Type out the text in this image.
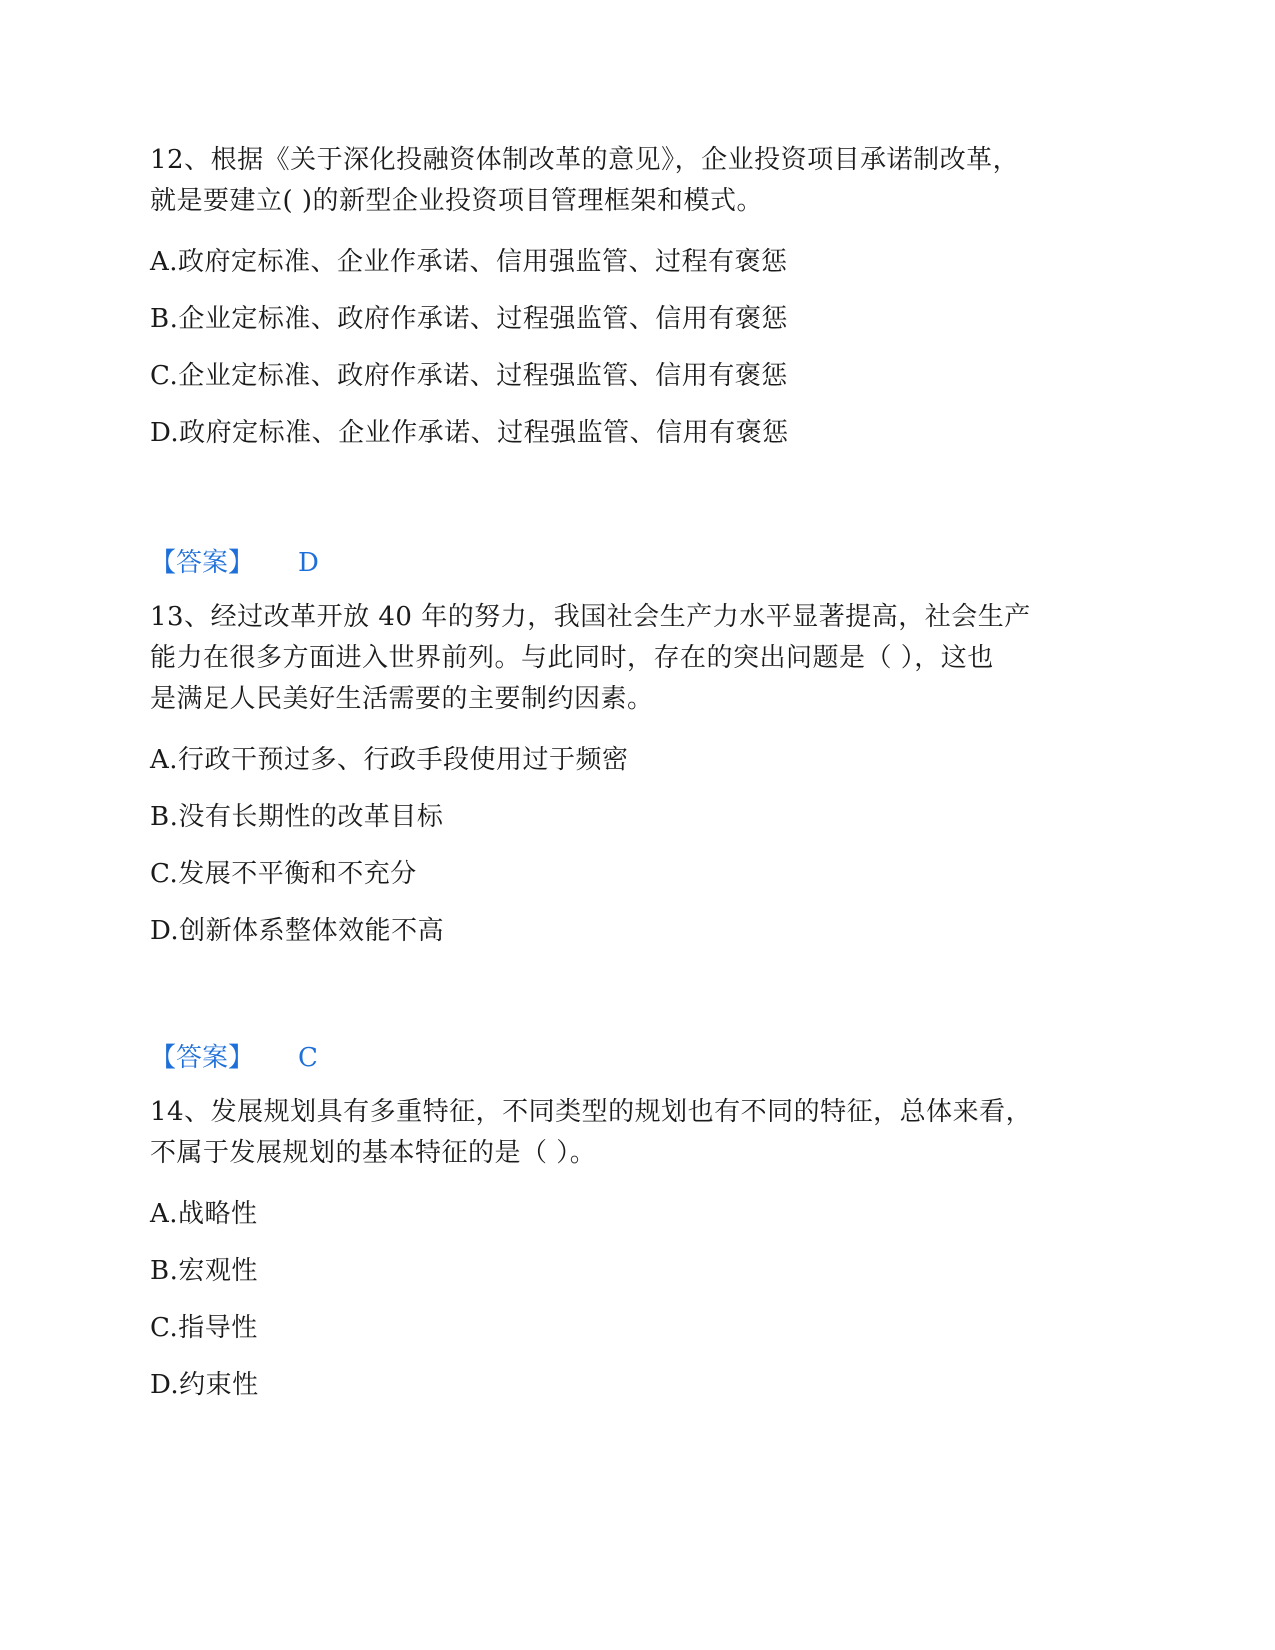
12、根据《关于深化投融资体制改革的意见》，企业投资项目承诺制改革，
就是要建立( )的新型企业投资项目管理框架和模式。

A.政府定标准、企业作承诺、信用强监管、过程有褒惩
B.企业定标准、政府作承诺、过程强监管、信用有褒惩
C.企业定标准、政府作承诺、过程强监管、信用有褒惩
D.政府定标准、企业作承诺、过程强监管、信用有褒惩
【答案】 D

13、经过改革开放 40 年的努力，我国社会生产力水平显著提高，社会生产
能力在很多方面进入世界前列。与此同时，存在的突出问题是（ ），这也
是满足人民美好生活需要的主要制约因素。

A.行政干预过多、行政手段使用过于频密
B.没有长期性的改革目标
C.发展不平衡和不充分
D.创新体系整体效能不高
【答案】 C

14、发展规划具有多重特征，不同类型的规划也有不同的特征，总体来看，
不属于发展规划的基本特征的是（ ）。

A.战略性
B.宏观性
C.指导性
D.约束性
